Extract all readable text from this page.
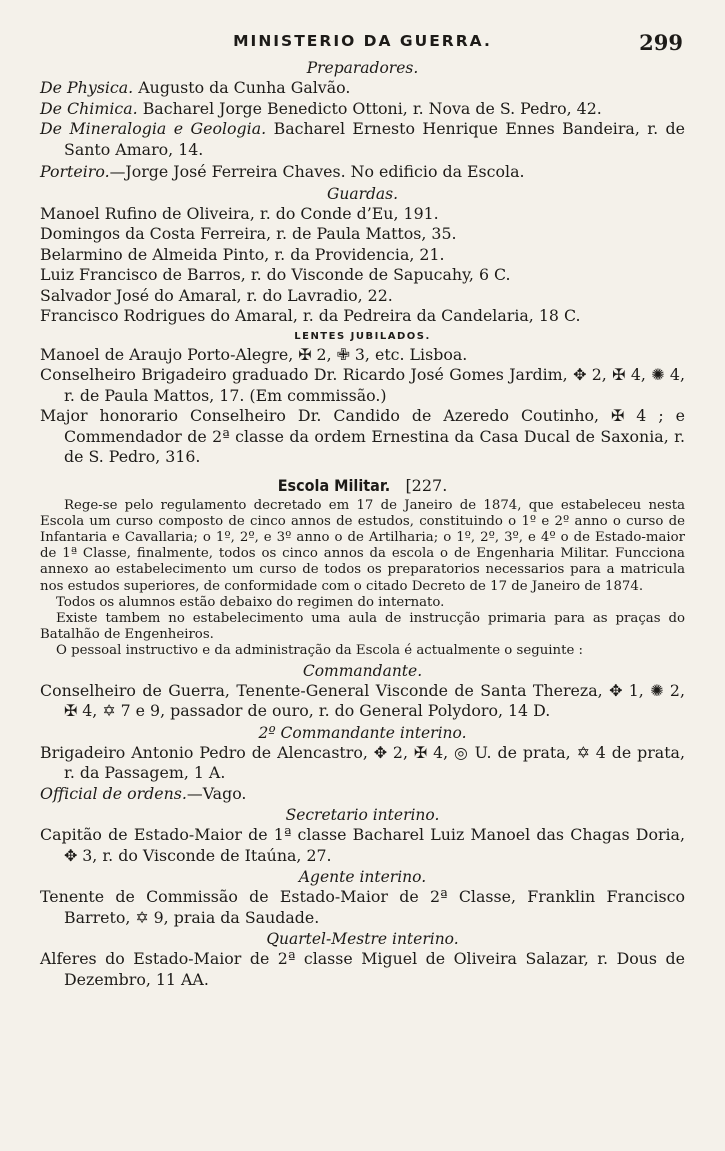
MINISTERIO DA GUERRA.	299
Preparadores.
De Physica. Augusto da Cunha Galvão.
De Chimica. Bacharel Jorge Benedicto Ottoni, r. Nova de S. Pedro, 42.
De Mineralogia e Geologia. Bacharel Ernesto Henrique Ennes Bandeira, r. de Santo Amaro, 14.
Porteiro.—Jorge José Ferreira Chaves. No edificio da Escola.
Guardas.
Manoel Rufino de Oliveira, r. do Conde d’Eu, 191.
Domingos da Costa Ferreira, r. de Paula Mattos, 35.
Belarmino de Almeida Pinto, r. da Providencia, 21.
Luiz Francisco de Barros, r. do Visconde de Sapucahy, 6 C.
Salvador José do Amaral, r. do Lavradio, 22.
Francisco Rodrigues do Amaral, r. da Pedreira da Candelaria, 18 C.
LENTES JUBILADOS.
Manoel de Araujo Porto-Alegre, ✠ 2, ✙ 3, etc. Lisboa.
Conselheiro Brigadeiro graduado Dr. Ricardo José Gomes Jardim, ✥ 2, ✠ 4, ✺ 4, r. de Paula Mattos, 17. (Em commissão.)
Major honorario Conselheiro Dr. Candido de Azeredo Coutinho, ✠ 4 ; e Commendador de 2ª classe da ordem Ernestina da Casa Ducal de Saxonia, r. de S. Pedro, 316.
Escola Militar. [227.
Rege-se pelo regulamento decretado em 17 de Janeiro de 1874, que estabeleceu nesta Escola um curso composto de cinco annos de estudos, constituindo o 1º e 2º anno o curso de Infantaria e Cavallaria; o 1º, 2º, e 3º anno o de Artilharia; o 1º, 2º, 3º, e 4º o de Estado-maior de 1ª Classe, finalmente, todos os cinco annos da escola o de Engenharia Militar. Funcciona annexo ao estabelecimento um curso de todos os preparatorios necessarios para a matricula nos estudos superiores, de conformidade com o citado Decreto de 17 de Janeiro de 1874.
Todos os alumnos estão debaixo do regimen do internato.
Existe tambem no estabelecimento uma aula de instrucção primaria para as praças do Batalhão de Engenheiros.
O pessoal instructivo e da administração da Escola é actualmente o seguinte :
Commandante.
Conselheiro de Guerra, Tenente-General Visconde de Santa Thereza, ✥ 1, ✺ 2, ✠ 4, ✡ 7 e 9, passador de ouro, r. do General Polydoro, 14 D.
2º Commandante interino.
Brigadeiro Antonio Pedro de Alencastro, ✥ 2, ✠ 4, ◎ U. de prata, ✡ 4 de prata, r. da Passagem, 1 A.
Official de ordens.—Vago.
Secretario interino.
Capitão de Estado-Maior de 1ª classe Bacharel Luiz Manoel das Chagas Doria, ✥ 3, r. do Visconde de Itaúna, 27.
Agente interino.
Tenente de Commissão de Estado-Maior de 2ª Classe, Franklin Francisco Barreto, ✡ 9, praia da Saudade.
Quartel-Mestre interino.
Alferes do Estado-Maior de 2ª classe Miguel de Oliveira Salazar, r. Dous de Dezembro, 11 AA.
